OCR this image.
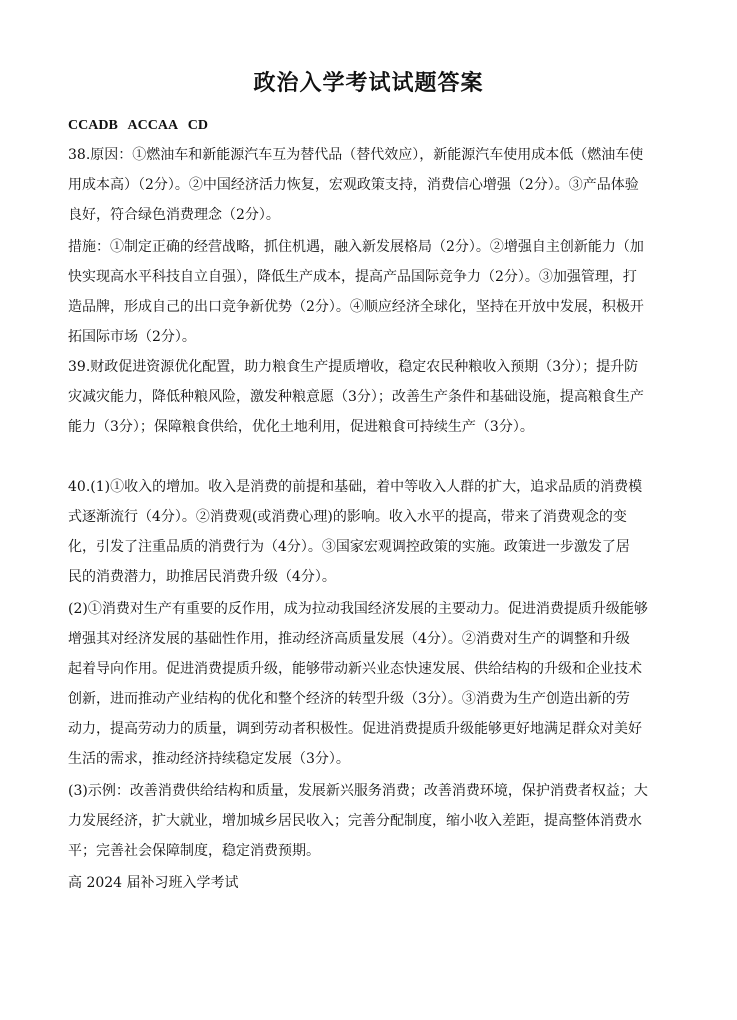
政治入学考试试题答案
CCADB   ACCAA   CD
38.原因：①燃油车和新能源汽车互为替代品（替代效应），新能源汽车使用成本低（燃油车使
用成本高）（2分）。②中国经济活力恢复，宏观政策支持，消费信心增强（2分）。③产品体验
良好，符合绿色消费理念（2分）。
措施：①制定正确的经营战略，抓住机遇，融入新发展格局（2分）。②增强自主创新能力（加
快实现高水平科技自立自强），降低生产成本，提高产品国际竞争力（2分）。③加强管理，打
造品牌，形成自己的出口竞争新优势（2分）。④顺应经济全球化，坚持在开放中发展，积极开
拓国际市场（2分）。
39.财政促进资源优化配置，助力粮食生产提质增收，稳定农民种粮收入预期（3分）；提升防
灾减灾能力，降低种粮风险，激发种粮意愿（3分）；改善生产条件和基础设施，提高粮食生产
能力（3分）；保障粮食供给，优化土地利用，促进粮食可持续生产（3分）。
40.(1)①收入的增加。收入是消费的前提和基础，着中等收入人群的扩大，追求品质的消费模
式逐渐流行（4分）。②消费观(或消费心理)的影响。收入水平的提高，带来了消费观念的变
化，引发了注重品质的消费行为（4分）。③国家宏观调控政策的实施。政策进一步激发了居
民的消费潜力，助推居民消费升级（4分）。
(2)①消费对生产有重要的反作用，成为拉动我国经济发展的主要动力。促进消费提质升级能够
增强其对经济发展的基础性作用，推动经济高质量发展（4分）。②消费对生产的调整和升级
起着导向作用。促进消费提质升级，能够带动新兴业态快速发展、供给结构的升级和企业技术
创新，进而推动产业结构的优化和整个经济的转型升级（3分）。③消费为生产创造出新的劳
动力，提高劳动力的质量，调到劳动者积极性。促进消费提质升级能够更好地满足群众对美好
生活的需求，推动经济持续稳定发展（3分）。
(3)示例：改善消费供给结构和质量，发展新兴服务消费；改善消费环境，保护消费者权益；大
力发展经济，扩大就业，增加城乡居民收入；完善分配制度，缩小收入差距，提高整体消费水
平；完善社会保障制度，稳定消费预期。
高 2024 届补习班入学考试
